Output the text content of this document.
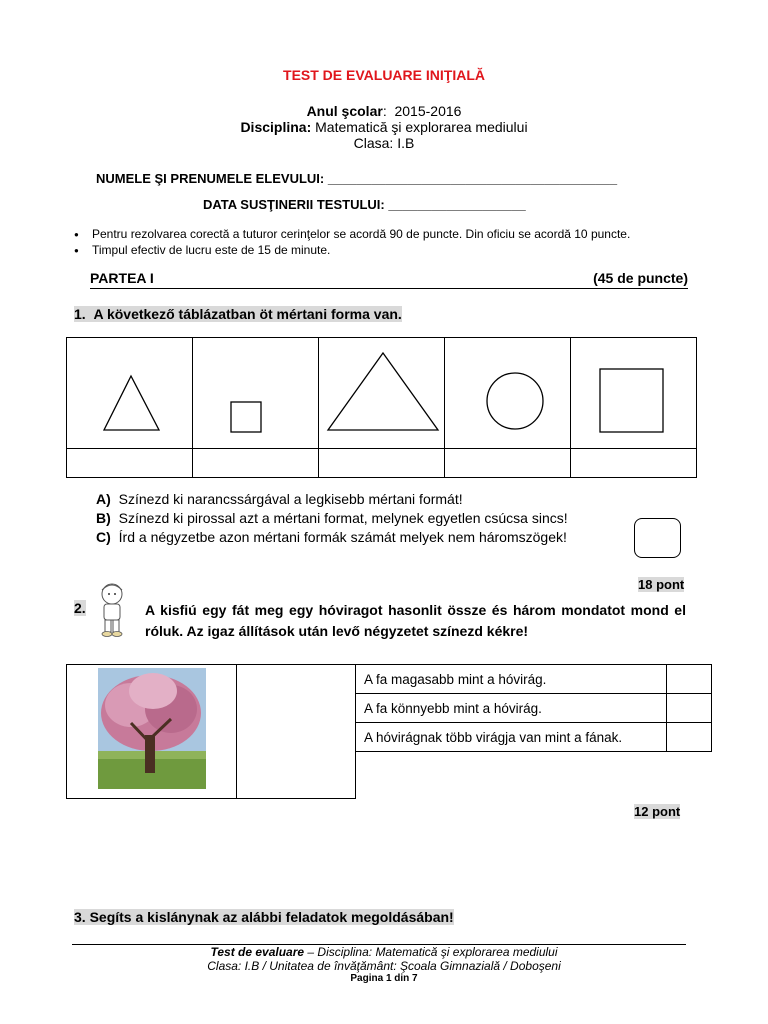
TEST DE EVALUARE INIŢIALĂ
Anul şcolar:  2015-2016
Disciplina: Matematică şi explorarea mediului
Clasa: I.B
NUMELE ŞI PRENUMELE ELEVULUI: ________________________________________
DATA SUSŢINERII TESTULUI: ___________________
● Pentru rezolvarea corectă a tuturor cerinţelor se acordă 90 de puncte. Din oficiu se acordă 10 puncte.
● Timpul efectiv de lucru este de 15 de minute.
PARTEA I	(45 de puncte)
1. A következő táblázatban öt mértani forma van.

A) Színezd ki narancssárgával a legkisebb mértani formát!
B) Színezd ki pirossal azt a mértani format, melynek egyetlen csúcsa sincs!
C) Írd a négyzetbe azon mértani formák számát melyek nem háromszögek!
18 pont
2.	A kisfiú egy fát meg egy hóviragot hasonlit össze és három mondatot mond el róluk. Az igaz állítások után levő négyzetet színezd kékre!

A fa magasabb mint a hóvirág.	
A fa könnyebb mint a hóvirág.	
A hóvirágnak több virágja van mint a fának.	
12 pont
3. Segíts a kislánynak az alábbi feladatok megoldásában!
Test de evaluare – Disciplina: Matematică şi explorarea mediului
Clasa: I.B / Unitatea de învăţământ: Şcoala Gimnazială / Doboşeni
Pagina 1 din 7
